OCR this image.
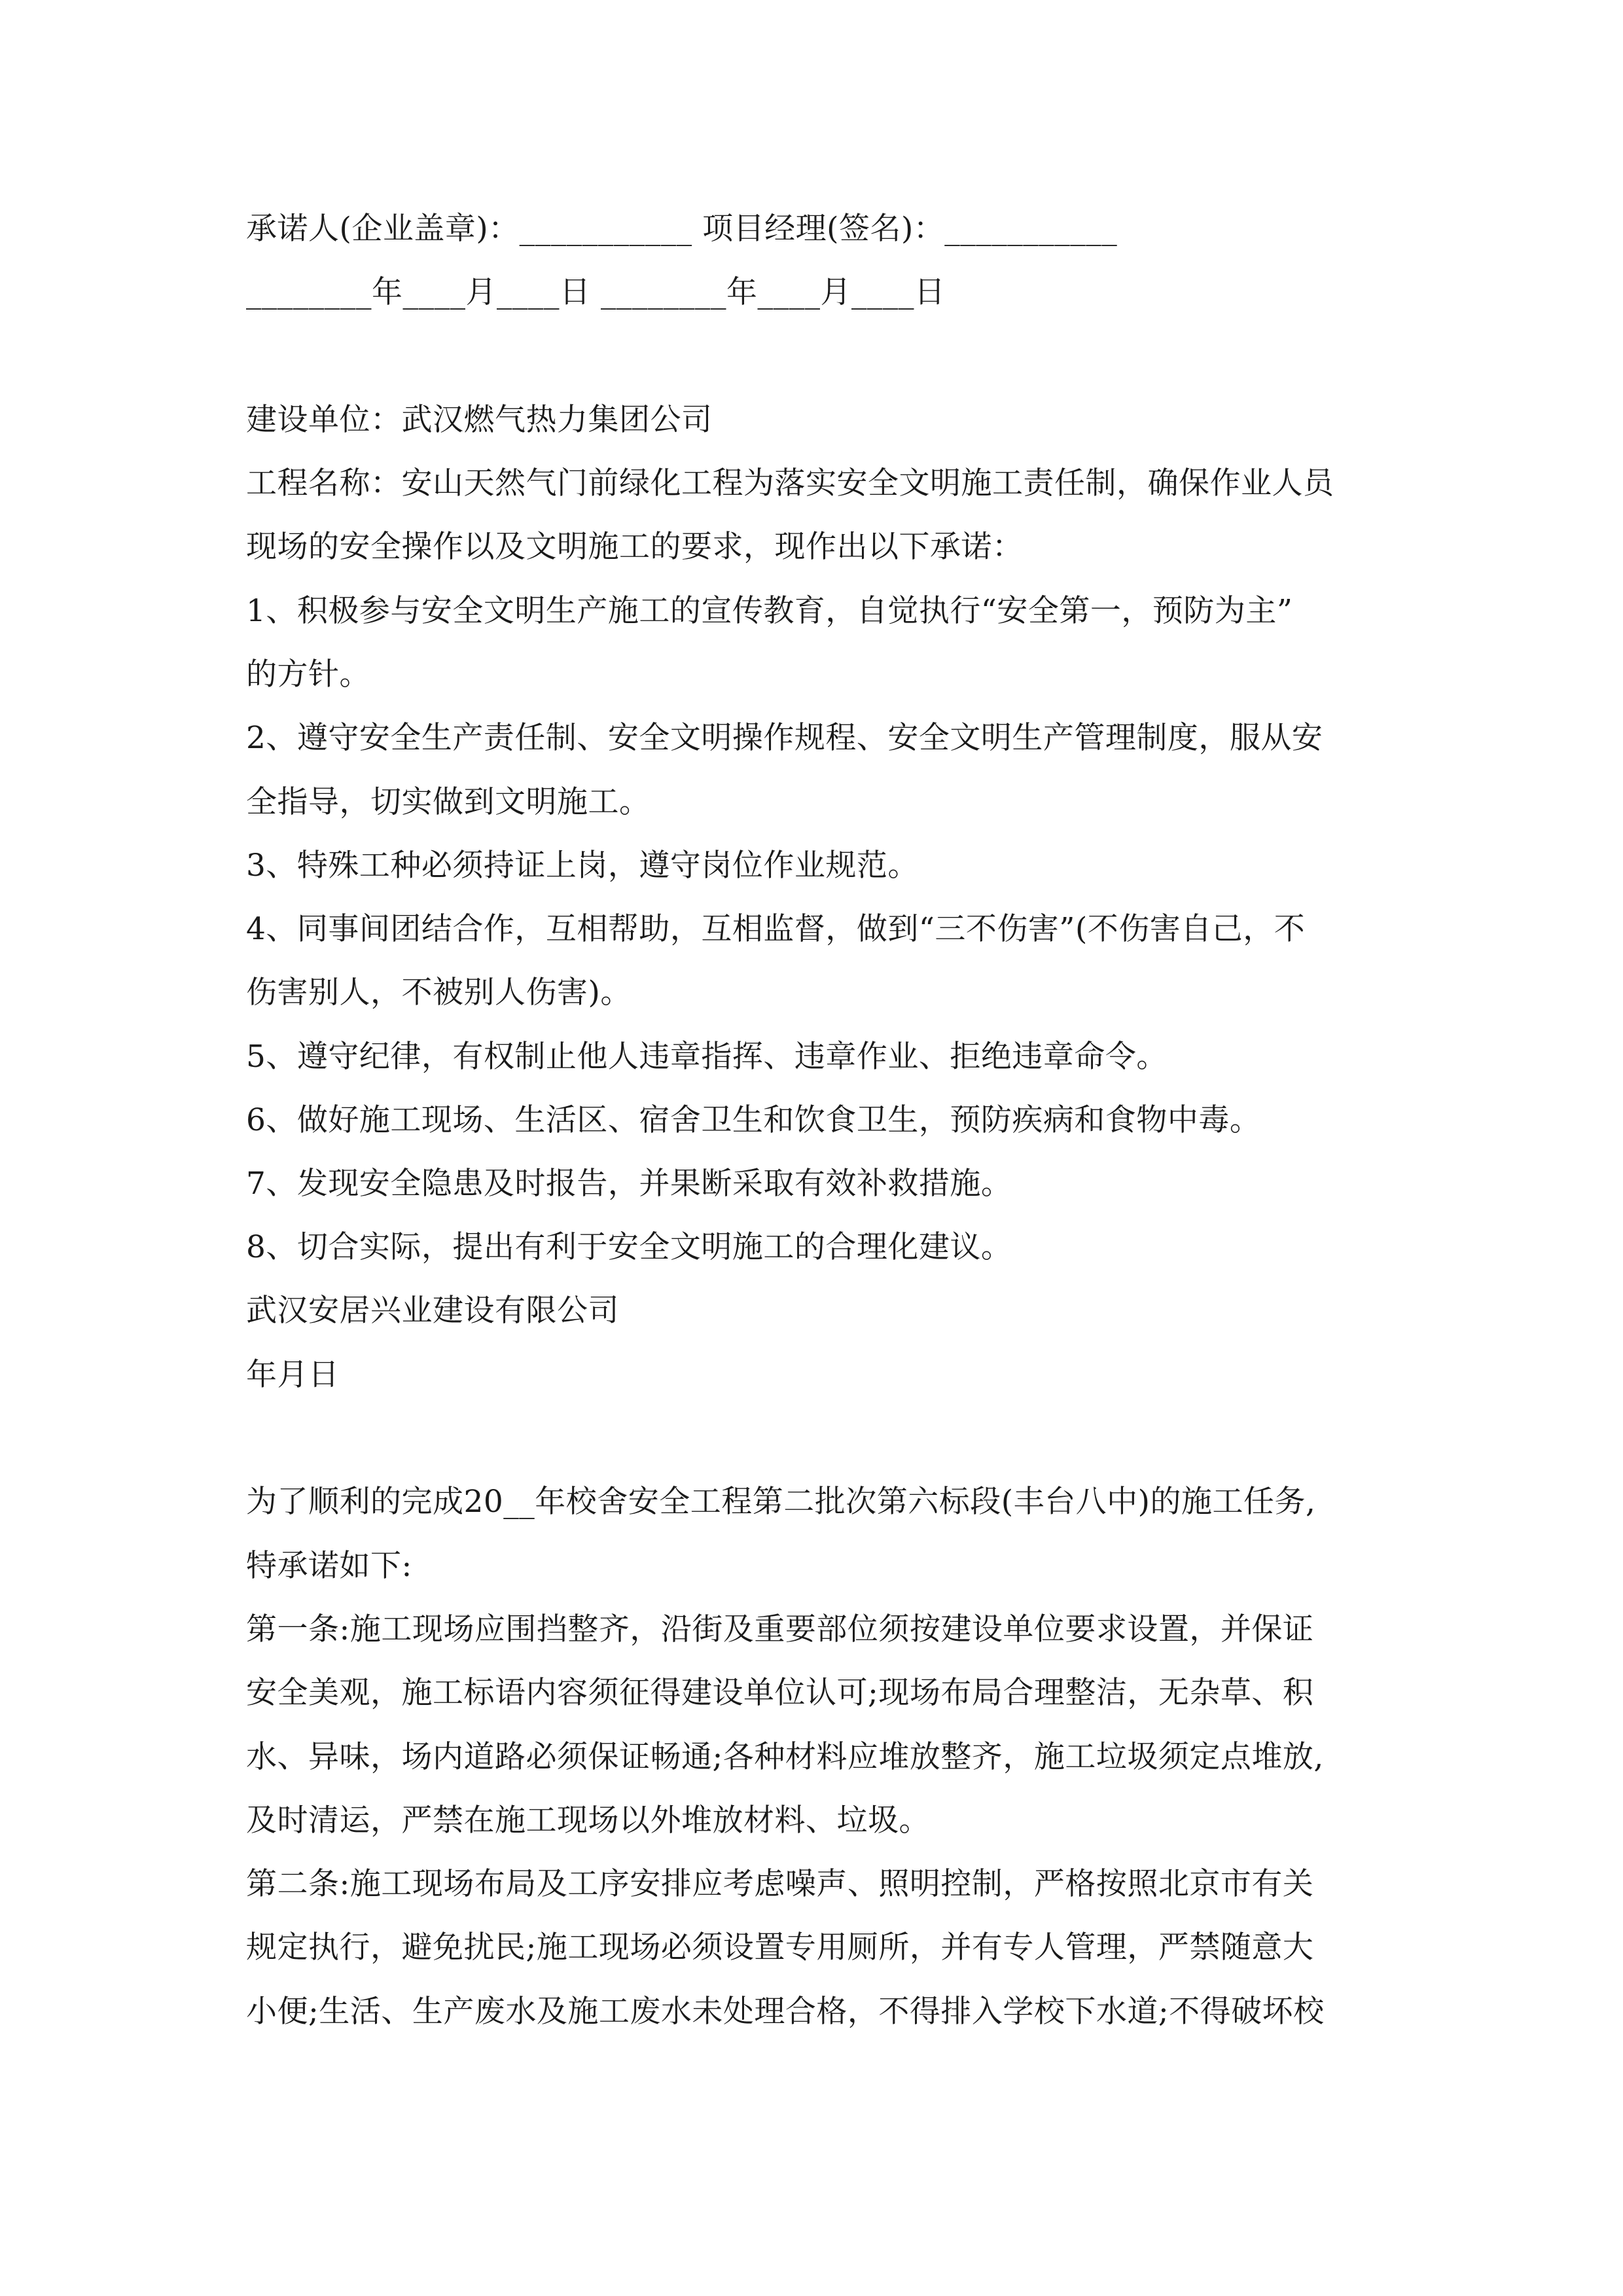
承诺人(企业盖章)：___________ 项目经理(签名)：___________
________年____月____日 ________年____月____日
建设单位：武汉燃气热力集团公司
工程名称：安山天然气门前绿化工程为落实安全文明施工责任制，确保作业人员
现场的安全操作以及文明施工的要求，现作出以下承诺：
1、积极参与安全文明生产施工的宣传教育，自觉执行“安全第一，预防为主”
的方针。
2、遵守安全生产责任制、安全文明操作规程、安全文明生产管理制度，服从安
全指导，切实做到文明施工。
3、特殊工种必须持证上岗，遵守岗位作业规范。
4、同事间团结合作，互相帮助，互相监督，做到“三不伤害”(不伤害自己，不
伤害别人，不被别人伤害)。
5、遵守纪律，有权制止他人违章指挥、违章作业、拒绝违章命令。
6、做好施工现场、生活区、宿舍卫生和饮食卫生，预防疾病和食物中毒。
7、发现安全隐患及时报告，并果断采取有效补救措施。
8、切合实际，提出有利于安全文明施工的合理化建议。
武汉安居兴业建设有限公司
年月日
为了顺利的完成20__年校舍安全工程第二批次第六标段(丰台八中)的施工任务,
特承诺如下:
第一条:施工现场应围挡整齐，沿街及重要部位须按建设单位要求设置，并保证
安全美观，施工标语内容须征得建设单位认可;现场布局合理整洁，无杂草、积
水、异味，场内道路必须保证畅通;各种材料应堆放整齐，施工垃圾须定点堆放,
及时清运，严禁在施工现场以外堆放材料、垃圾。
第二条:施工现场布局及工序安排应考虑噪声、照明控制，严格按照北京市有关
规定执行，避免扰民;施工现场必须设置专用厕所，并有专人管理，严禁随意大
小便;生活、生产废水及施工废水未处理合格，不得排入学校下水道;不得破坏校
